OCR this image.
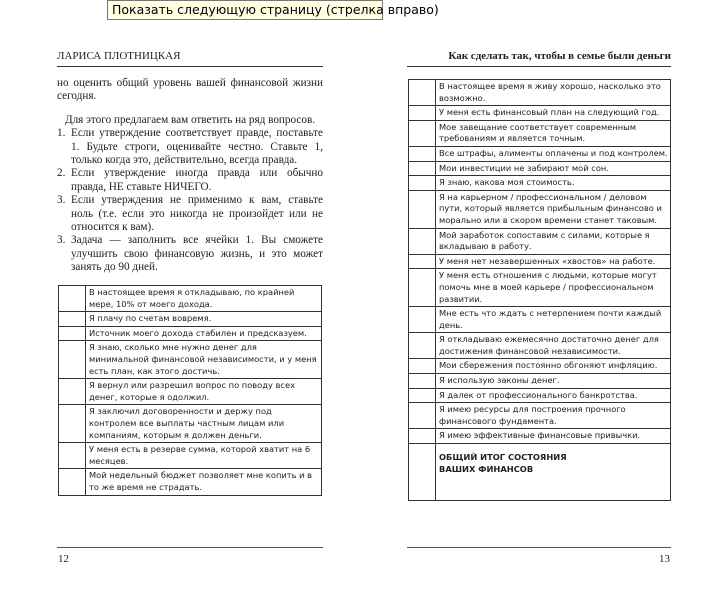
Показать следующую страницу (стрелка вправо)
ЛАРИСА ПЛОТНИЦКАЯ

но оценить общий уровень вашей финансовой жизни сегодня.

Для этого предлагаем вам ответить на ряд вопросов.

1. Если утверждение соответствует правде, поставьте 1. Будьте строги, оценивайте честно. Ставьте 1, только когда это, действительно, всегда правда.
2. Если утверждение иногда правда или обычно правда, НЕ ставьте НИЧЕГО.
3. Если утверждения не применимо к вам, ставьте ноль (т.е. если это никогда не произойдет или не относится к вам).
3. Задача — заполнить все ячейки 1. Вы сможете улучшить свою финансовую жизнь, и это может занять до 90 дней.
	В настоящее время я откладываю, по крайней мере, 10% от моего дохода.
	Я плачу по счетам вовремя.
	Источник моего дохода стабилен и предсказуем.
	Я знаю, сколько мне нужно денег для минимальной финансовой независимости, и у меня есть план, как этого достичь.
	Я вернул или разрешил вопрос по поводу всех денег, которые я одолжил.
	Я заключил договоренности и держу под контролем все выплаты частным лицам или компаниям, которым я должен деньги.
	У меня есть в резерве сумма, которой хватит на 6 месяцев.
	Мой недельный бюджет позволяет мне копить и в то же время не страдать.
12
Как сделать так, чтобы в семье были деньги
	В настоящее время я живу хорошо, насколько это возможно.
	У меня есть финансовый план на следующий год.
	Мое завещание соответствует современным требованиям и является точным.
	Все штрафы, алименты оплачены и под контролем.
	Мои инвестиции не забирают мой сон.
	Я знаю, какова моя стоимость.
	Я на карьерном / профессиональном / деловом пути, который является прибыльным финансово и морально или в скором времени станет таковым.
	Мой заработок сопоставим с силами, которые я вкладываю в работу.
	У меня нет незавершенных «хвостов» на работе.
	У меня есть отношения с людьми, которые могут помочь мне в моей карьере / профессиональном развитии.
	Мне есть что ждать с нетерпением почти каждый день.
	Я откладываю ежемесячно достаточно денег для достижения финансовой независимости.
	Мои сбережения постоянно обгоняют инфляцию.
	Я использую законы денег.
	Я далек от профессионального банкротства.
	Я имею ресурсы для построения прочного финансового фундамента.
	Я имею эффективные финансовые привычки.
	ОБЩИЙ ИТОГ СОСТОЯНИЯ
ВАШИХ ФИНАНСОВ
13
